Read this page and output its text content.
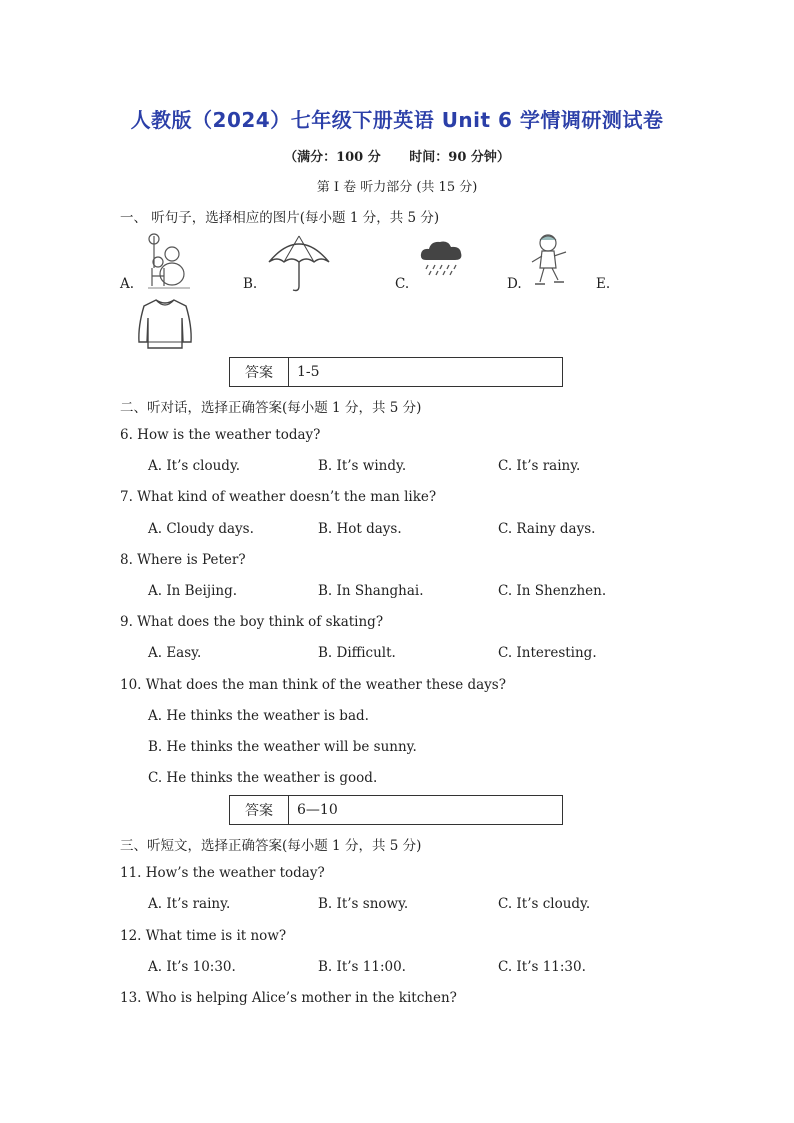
人教版（2024）七年级下册英语 Unit 6 学情调研测试卷
（满分：100 分 时间：90 分钟）
第 I 卷 听力部分 (共 15 分)
一、 听句子，选择相应的图片(每小题 1 分，共 5 分)
A.	B.	C.	D.	E.
答案	1-5
二、听对话，选择正确答案(每小题 1 分，共 5 分)
6. How is the weather today?
A. It’s cloudy.	B. It’s windy.	C. It’s rainy.
7. What kind of weather doesn’t the man like?
A. Cloudy days.	B. Hot days.	C. Rainy days.
8. Where is Peter?
A. In Beijing.	B. In Shanghai.	C. In Shenzhen.
9. What does the boy think of skating?
A. Easy.	B. Difficult.	C. Interesting.
10. What does the man think of the weather these days?
A. He thinks the weather is bad.
B. He thinks the weather will be sunny.
C. He thinks the weather is good.
答案	6—10
三、听短文，选择正确答案(每小题 1 分，共 5 分)
11. How’s the weather today?
A. It’s rainy.	B. It’s snowy.	C. It’s cloudy.
12. What time is it now?
A. It’s 10:30.	B. It’s 11:00.	C. It’s 11:30.
13. Who is helping Alice’s mother in the kitchen?
